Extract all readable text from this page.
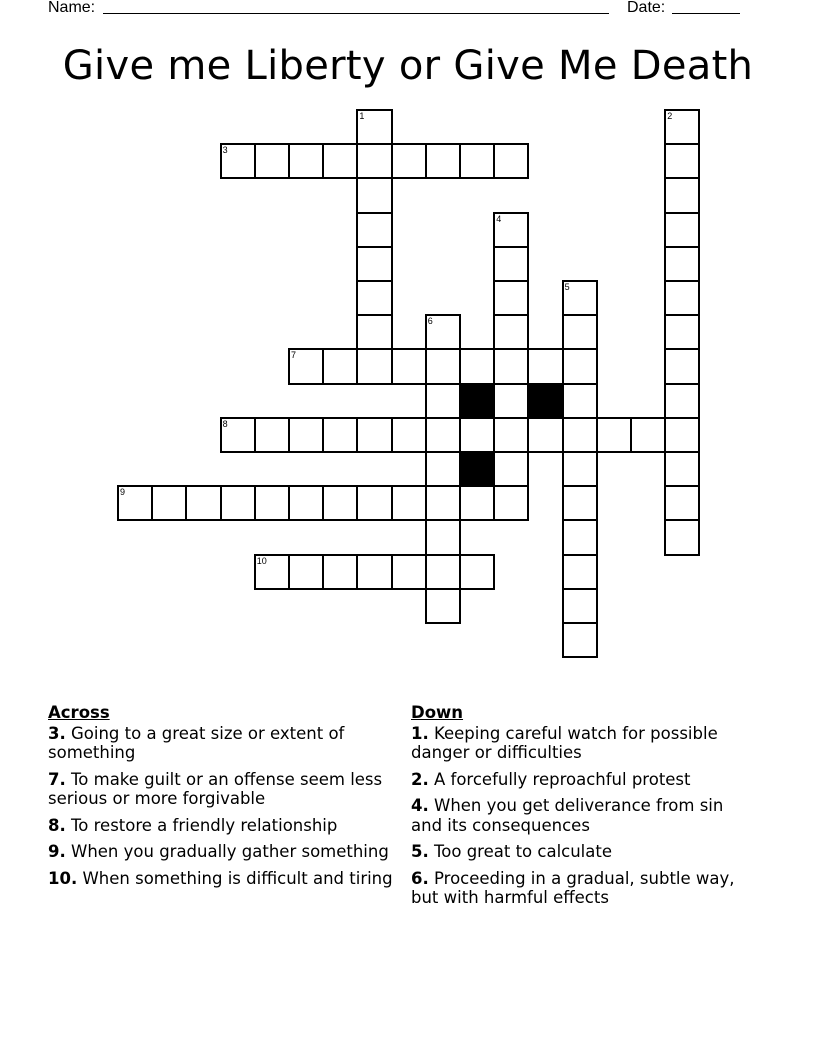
Name:	Date:
Give me Liberty or Give Me Death
1	2
3
4
5
6
7
8
9
10
Across
3. Going to a great size or extent of something
7. To make guilt or an offense seem less serious or more forgivable
8. To restore a friendly relationship
9. When you gradually gather something
10. When something is difficult and tiring
Down
1. Keeping careful watch for possible danger or difficulties
2. A forcefully reproachful protest
4. When you get deliverance from sin and its consequences
5. Too great to calculate
6. Proceeding in a gradual, subtle way, but with harmful effects
